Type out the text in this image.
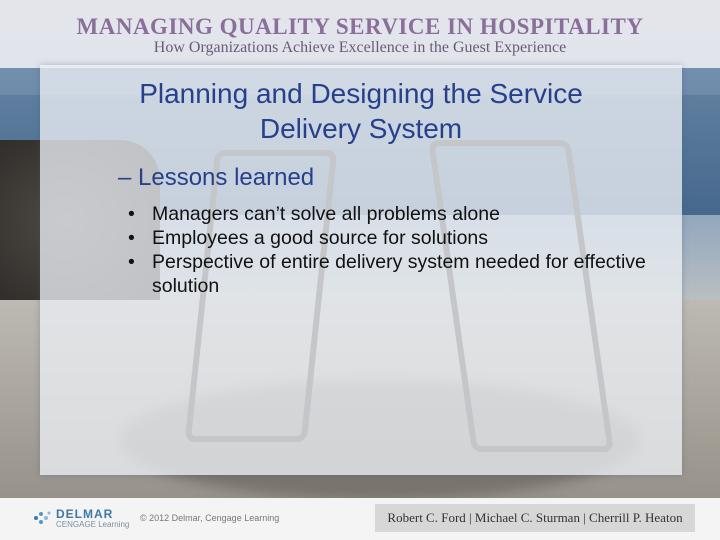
MANAGING QUALITY SERVICE IN HOSPITALITY
How Organizations Achieve Excellence in the Guest Experience
Planning and Designing the Service
Delivery System
– Lessons learned
• Managers can’t solve all problems alone
• Employees a good source for solutions
• Perspective of entire delivery system needed for effective solution
DELMAR
CENGAGE Learning
© 2012 Delmar, Cengage Learning	Robert C. Ford | Michael C. Sturman | Cherrill P. Heaton
